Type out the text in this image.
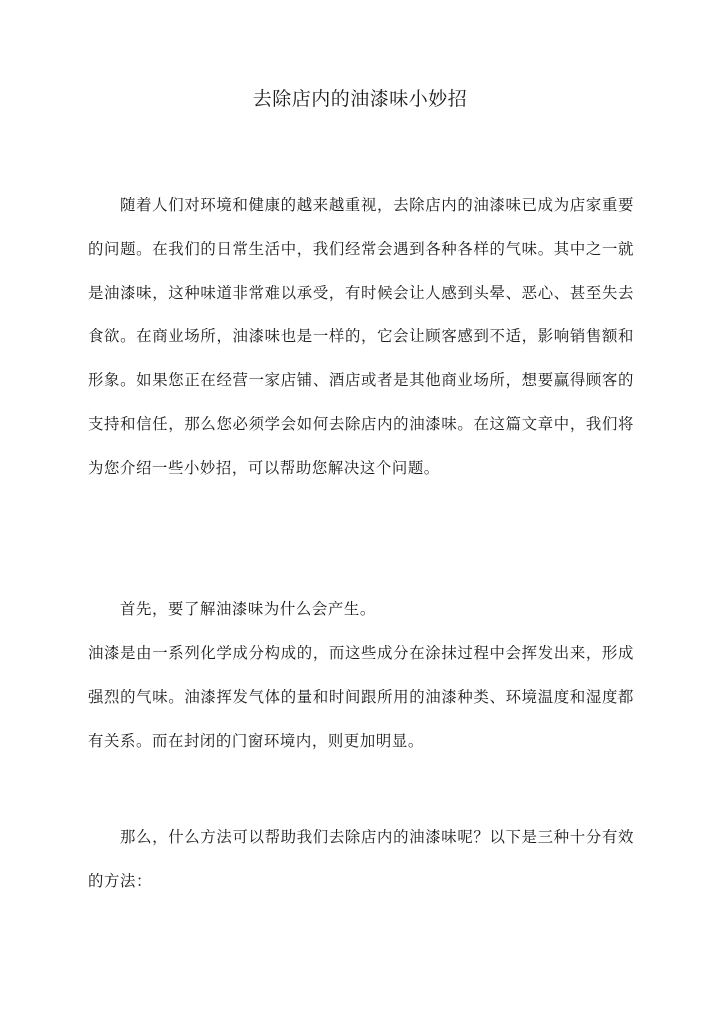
去除店内的油漆味小妙招

随着人们对环境和健康的越来越重视，去除店内的油漆味已成为店家重要的问题。在我们的日常生活中，我们经常会遇到各种各样的气味。其中之一就是油漆味，这种味道非常难以承受，有时候会让人感到头晕、恶心、甚至失去食欲。在商业场所，油漆味也是一样的，它会让顾客感到不适，影响销售额和形象。如果您正在经营一家店铺、酒店或者是其他商业场所，想要赢得顾客的支持和信任，那么您必须学会如何去除店内的油漆味。在这篇文章中，我们将为您介绍一些小妙招，可以帮助您解决这个问题。

首先，要了解油漆味为什么会产生。

油漆是由一系列化学成分构成的，而这些成分在涂抹过程中会挥发出来，形成强烈的气味。油漆挥发气体的量和时间跟所用的油漆种类、环境温度和湿度都有关系。而在封闭的门窗环境内，则更加明显。

那么，什么方法可以帮助我们去除店内的油漆味呢？以下是三种十分有效的方法：
